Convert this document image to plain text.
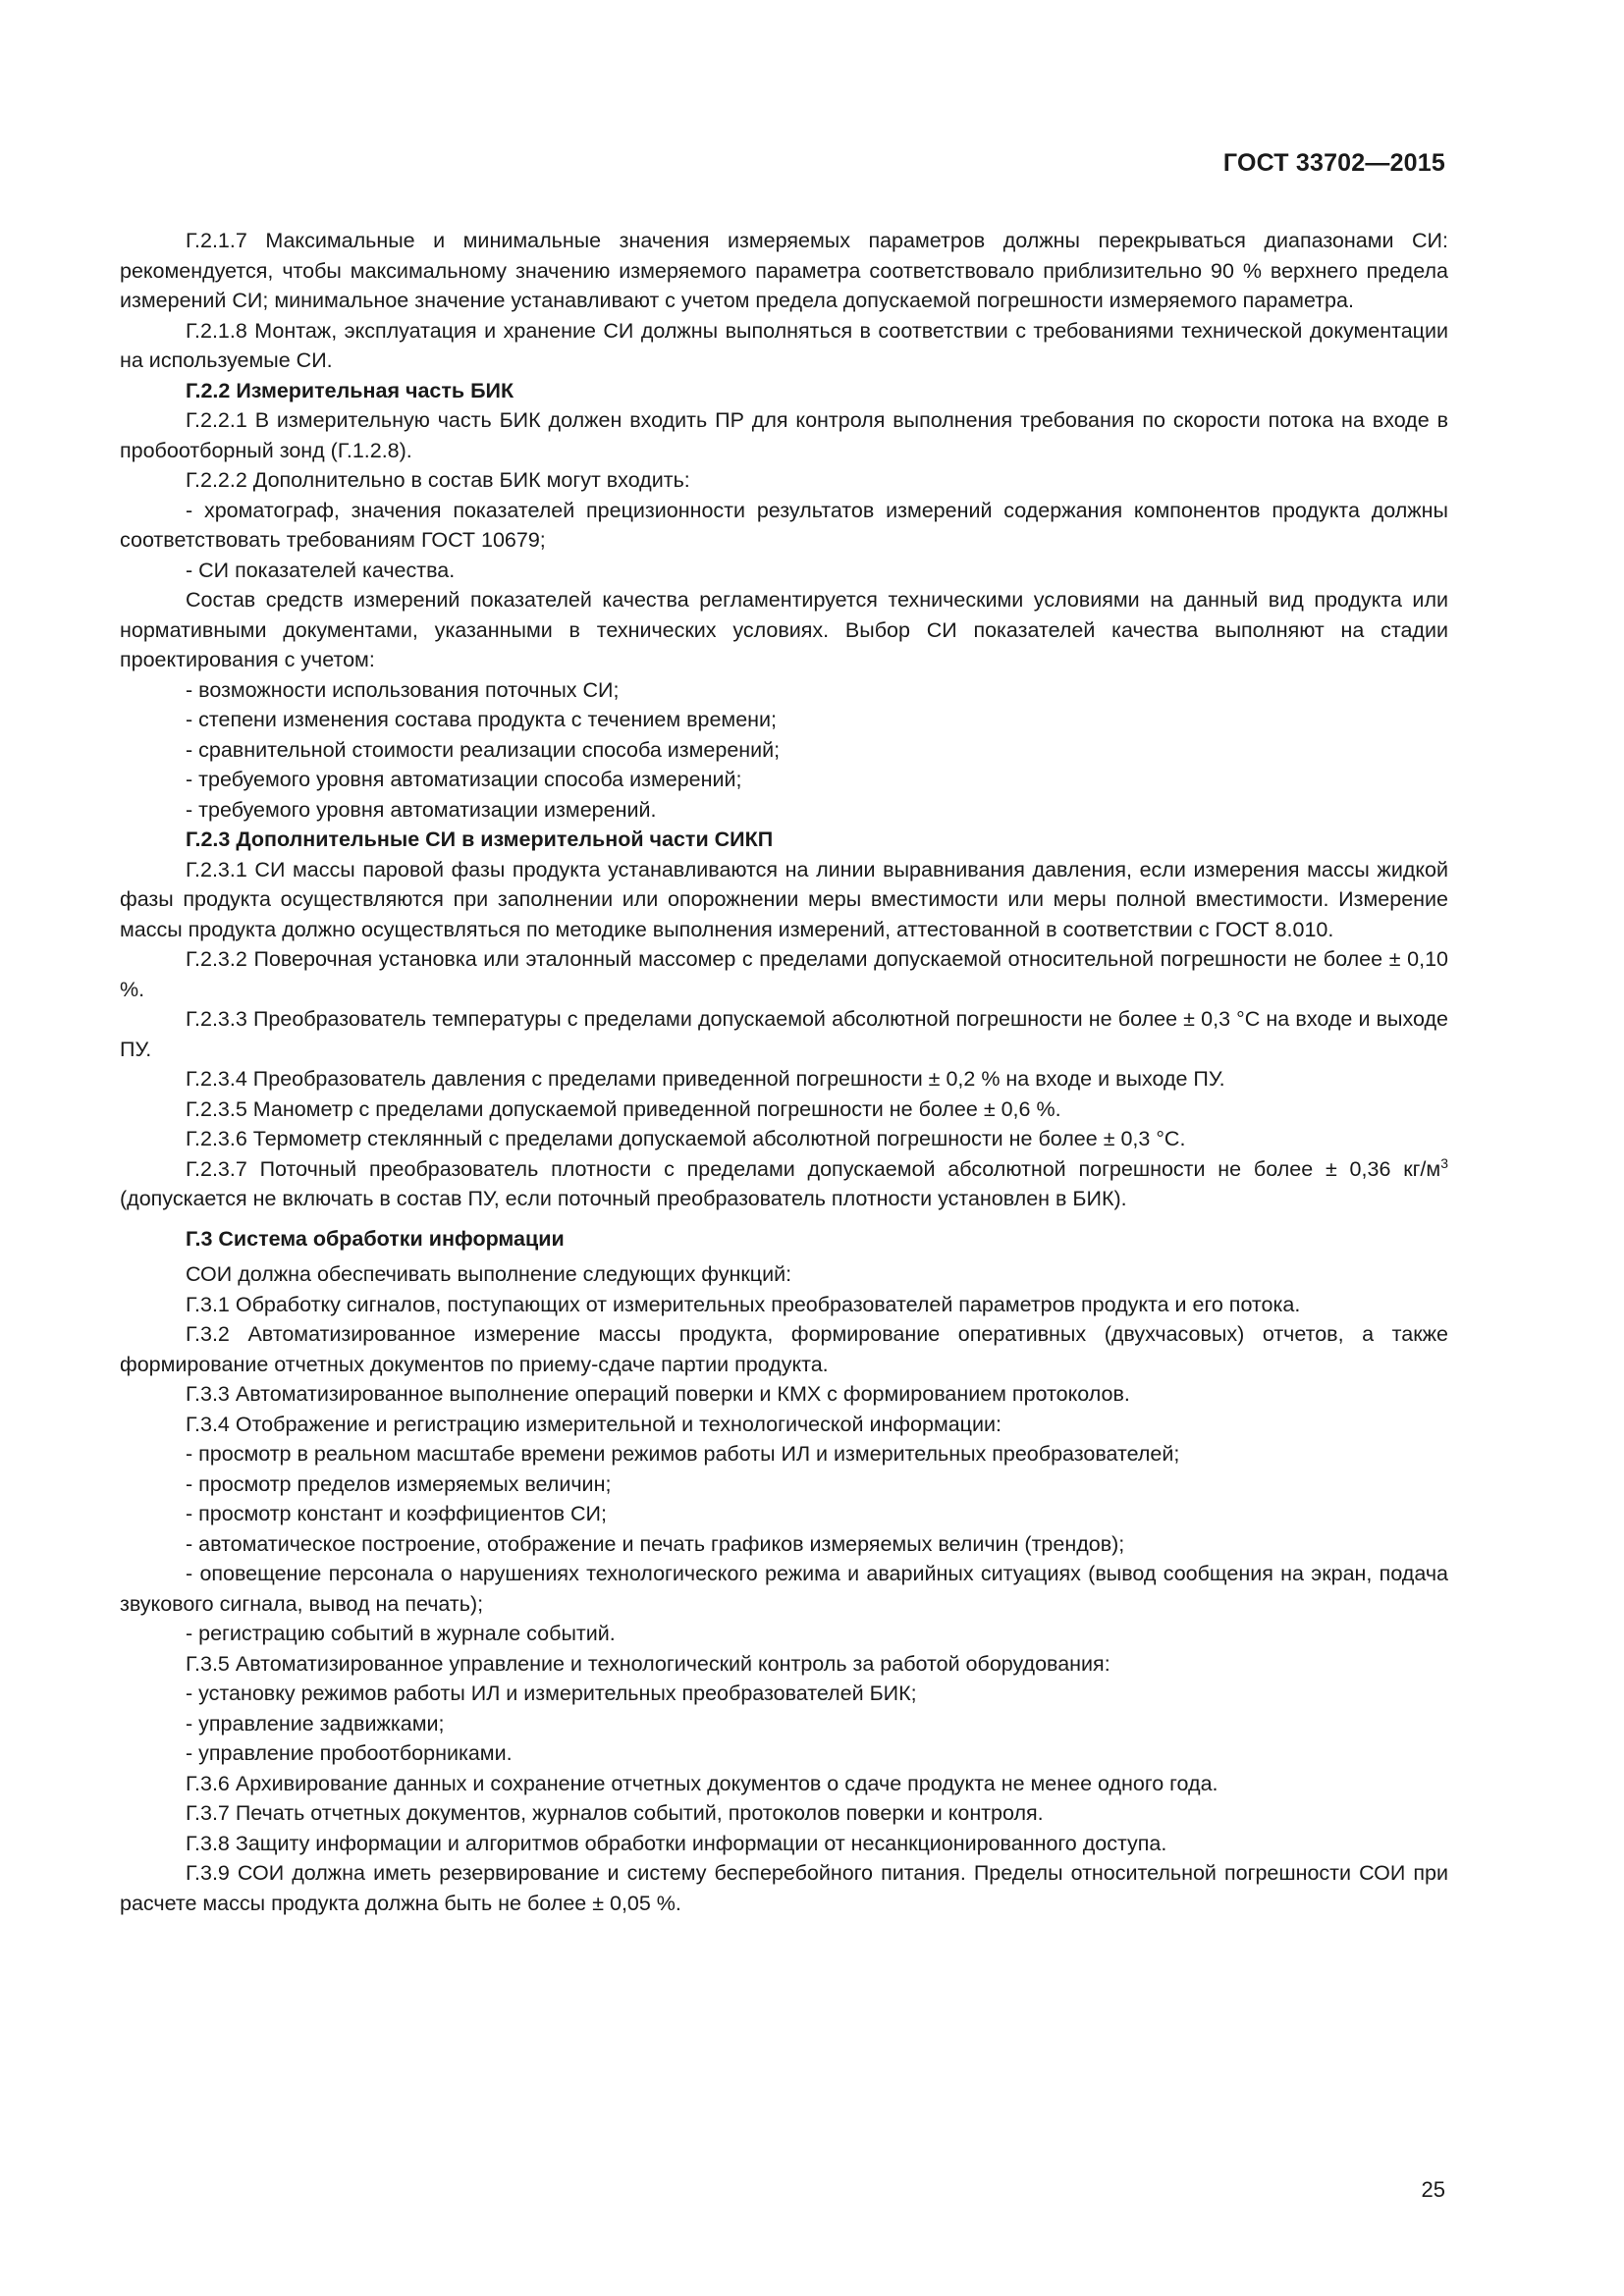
ГОСТ 33702—2015

Г.2.1.7 Максимальные и минимальные значения измеряемых параметров должны перекрываться диапазонами СИ: рекомендуется, чтобы максимальному значению измеряемого параметра соответствовало приблизительно 90 % верхнего предела измерений СИ; минимальное значение устанавливают с учетом предела допускаемой погрешности измеряемого параметра.

Г.2.1.8 Монтаж, эксплуатация и хранение СИ должны выполняться в соответствии с требованиями технической документации на используемые СИ.

Г.2.2 Измерительная часть БИК

Г.2.2.1 В измерительную часть БИК должен входить ПР для контроля выполнения требования по скорости потока на входе в пробоотборный зонд (Г.1.2.8).

Г.2.2.2 Дополнительно в состав БИК могут входить:

- хроматограф, значения показателей прецизионности результатов измерений содержания компонентов продукта должны соответствовать требованиям ГОСТ 10679;

- СИ показателей качества.

Состав средств измерений показателей качества регламентируется техническими условиями на данный вид продукта или нормативными документами, указанными в технических условиях. Выбор СИ показателей качества выполняют на стадии проектирования с учетом:

- возможности использования поточных СИ;

- степени изменения состава продукта с течением времени;

- сравнительной стоимости реализации способа измерений;

- требуемого уровня автоматизации способа измерений;

- требуемого уровня автоматизации измерений.

Г.2.3 Дополнительные СИ в измерительной части СИКП

Г.2.3.1 СИ массы паровой фазы продукта устанавливаются на линии выравнивания давления, если измерения массы жидкой фазы продукта осуществляются при заполнении или опорожнении меры вместимости или меры полной вместимости. Измерение массы продукта должно осуществляться по методике выполнения измерений, аттестованной в соответствии с ГОСТ 8.010.

Г.2.3.2 Поверочная установка или эталонный массомер с пределами допускаемой относительной погрешности не более ± 0,10 %.

Г.2.3.3 Преобразователь температуры с пределами допускаемой абсолютной погрешности не более ± 0,3 °С на входе и выходе ПУ.

Г.2.3.4 Преобразователь давления с пределами приведенной погрешности ± 0,2 % на входе и выходе ПУ.

Г.2.3.5 Манометр с пределами допускаемой приведенной погрешности не более ± 0,6 %.

Г.2.3.6 Термометр стеклянный с пределами допускаемой абсолютной погрешности не более ± 0,3 °С.

Г.2.3.7 Поточный преобразователь плотности с пределами допускаемой абсолютной погрешности не более ± 0,36 $кг/м^3$ (допускается не включать в состав ПУ, если поточный преобразователь плотности установлен в БИК).

Г.3 Система обработки информации

СОИ должна обеспечивать выполнение следующих функций:

Г.3.1 Обработку сигналов, поступающих от измерительных преобразователей параметров продукта и его потока.

Г.3.2 Автоматизированное измерение массы продукта, формирование оперативных (двухчасовых) отчетов, а также формирование отчетных документов по приему-сдаче партии продукта.

Г.3.3 Автоматизированное выполнение операций поверки и КМХ с формированием протоколов.

Г.3.4 Отображение и регистрацию измерительной и технологической информации:

- просмотр в реальном масштабе времени режимов работы ИЛ и измерительных преобразователей;

- просмотр пределов измеряемых величин;

- просмотр констант и коэффициентов СИ;

- автоматическое построение, отображение и печать графиков измеряемых величин (трендов);

- оповещение персонала о нарушениях технологического режима и аварийных ситуациях (вывод сообщения на экран, подача звукового сигнала, вывод на печать);

- регистрацию событий в журнале событий.

Г.3.5 Автоматизированное управление и технологический контроль за работой оборудования:

- установку режимов работы ИЛ и измерительных преобразователей БИК;

- управление задвижками;

- управление пробоотборниками.

Г.3.6 Архивирование данных и сохранение отчетных документов о сдаче продукта не менее одного года.

Г.3.7 Печать отчетных документов, журналов событий, протоколов поверки и контроля.

Г.3.8 Защиту информации и алгоритмов обработки информации от несанкционированного доступа.

Г.3.9 СОИ должна иметь резервирование и систему бесперебойного питания. Пределы относительной погрешности СОИ при расчете массы продукта должна быть не более ± 0,05 %.

25
